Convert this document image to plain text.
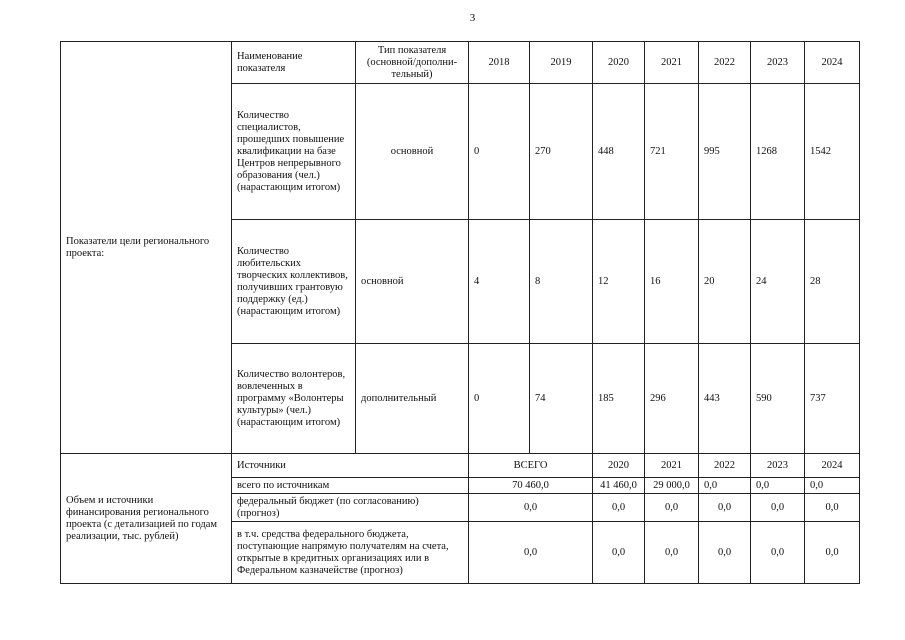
3
Показатели цели регионального проекта:	Наименование показателя	Тип показателя (основной/дополни-тельный)	2018	2019	2020	2021	2022	2023	2024
	Количество специалистов, прошедших повышение квалификации на базе Центров непрерывного образования (чел.) (нарастающим итогом)	основной	0	270	448	721	995	1268	1542
	Количество любительских творческих коллективов, получивших грантовую поддержку (ед.) (нарастающим итогом)	основной	4	8	12	16	20	24	28
	Количество волонтеров, вовлеченных в программу «Волонтеры культуры» (чел.) (нарастающим итогом)	дополнительный	0	74	185	296	443	590	737
Объем и источники финансирования регионального проекта (с детализацией по годам реализации, тыс. рублей)	Источники		ВСЕГО		2020	2021	2022	2023	2024
	всего по источникам		70 460,0		41 460,0	29 000,0	0,0	0,0	0,0
	федеральный бюджет (по согласованию) (прогноз)		0,0		0,0	0,0	0,0	0,0	0,0
	в т.ч. средства федерального бюджета, поступающие напрямую получателям на счета, открытые в кредитных организациях или в Федеральном казначействе (прогноз)		0,0		0,0	0,0	0,0	0,0	0,0
